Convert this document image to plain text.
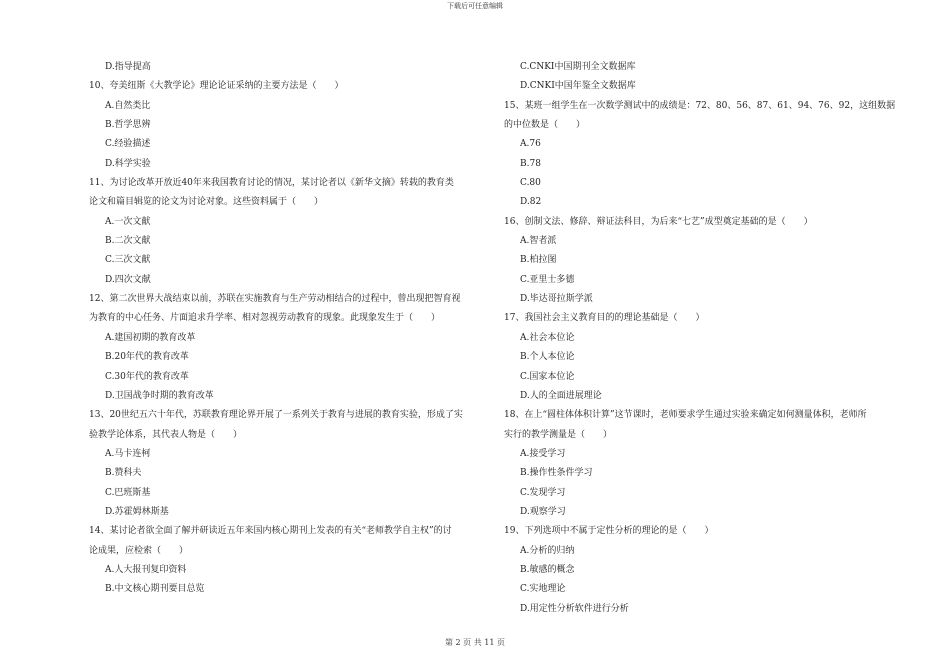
下载后可任意编辑
D.指导提高
10、夸美纽斯《大教学论》理论论证采纳的主要方法是（　　）
A.自然类比
B.哲学思辨
C.经验描述
D.科学实验
11、为讨论改革开放近40年来我国教育讨论的情况，某讨论者以《新华文摘》转载的教育类
论文和篇目辑览的论文为讨论对象。这些资料属于（　　）
A.一次文献
B.二次文献
C.三次文献
D.四次文献
12、第二次世界大战结束以前，苏联在实施教育与生产劳动相结合的过程中，曾出现把智育视
为教育的中心任务、片面追求升学率、相对忽视劳动教育的现象。此现象发生于（　　）
A.建国初期的教育改革
B.20年代的教育改革
C.30年代的教育改革
D.卫国战争时期的教育改革
13、20世纪五六十年代，苏联教育理论界开展了一系列关于教育与进展的教育实验，形成了实
验教学论体系，其代表人物是（　　）
A.马卡连柯
B.赞科夫
C.巴班斯基
D.苏霍姆林斯基
14、某讨论者欲全面了解并研读近五年来国内核心期刊上发表的有关“老师教学自主权”的讨
论成果，应检索（　　）
A.人大报刊复印资料
B.中文核心期刊要目总览
C.CNKI中国期刊全文数据库
D.CNKI中国年鉴全文数据库
15、某班一组学生在一次数学测试中的成绩是：72、80、56、87、61、94、76、92，这组数据
的中位数是（　　）
A.76
B.78
C.80
D.82
16、创制文法、修辞、辩证法科目，为后来“七艺”成型奠定基础的是（　　）
A.智者派
B.柏拉图
C.亚里士多德
D.毕达哥拉斯学派
17、我国社会主义教育目的的理论基础是（　　）
A.社会本位论
B.个人本位论
C.国家本位论
D.人的全面进展理论
18、在上“圆柱体体积计算”这节课时，老师要求学生通过实验来确定如何测量体积，老师所
实行的教学测量是（　　）
A.接受学习
B.操作性条件学习
C.发现学习
D.观察学习
19、下列选项中不属于定性分析的理论的是（　　）
A.分析的归纳
B.敏感的概念
C.实地理论
D.用定性分析软件进行分析
第 2 页 共 11 页
